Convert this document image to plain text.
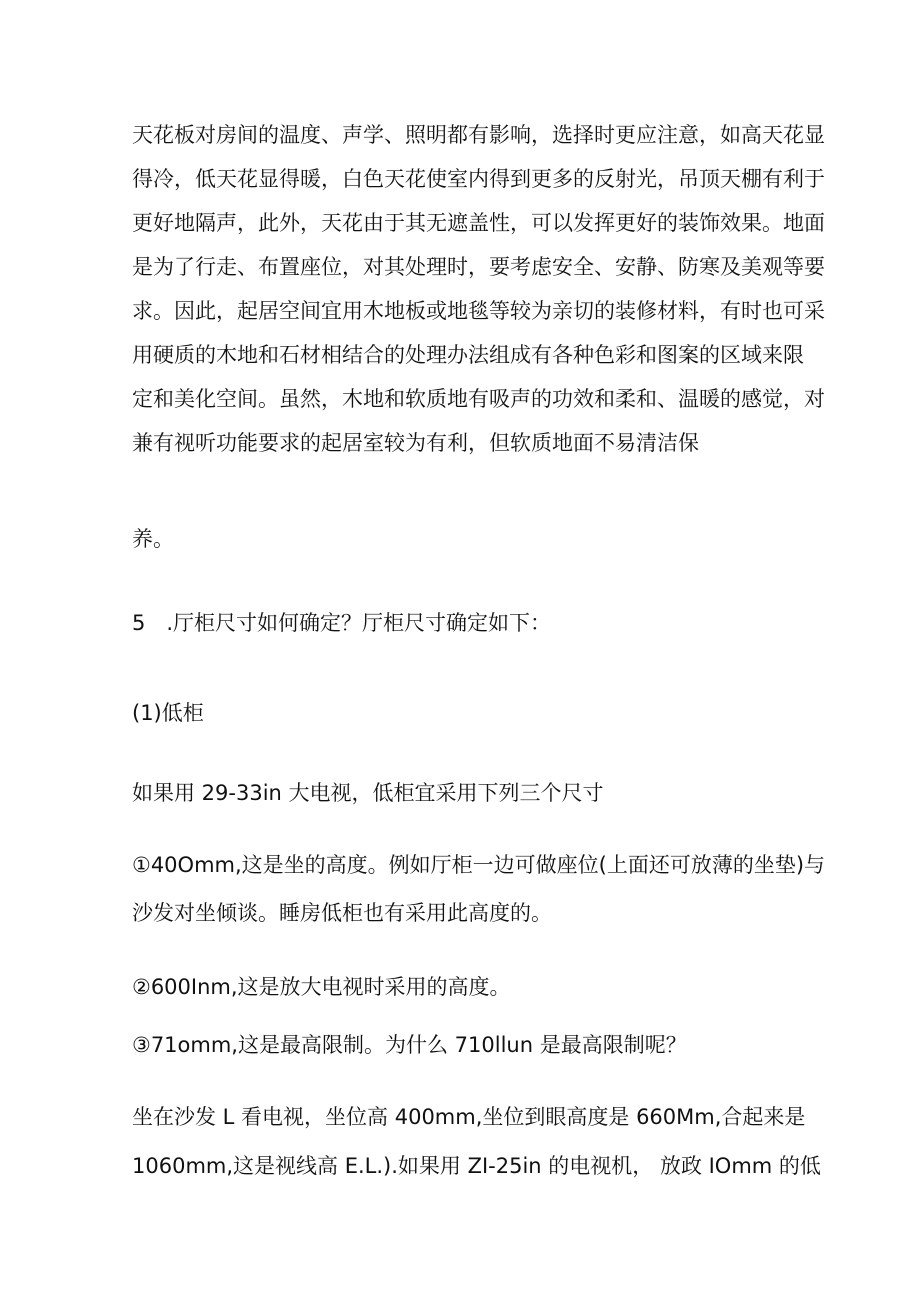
天花板对房间的温度、声学、照明都有影响，选择时更应注意，如高天花显
得冷，低天花显得暖，白色天花使室内得到更多的反射光，吊顶天棚有利于
更好地隔声，此外，天花由于其无遮盖性，可以发挥更好的装饰效果。地面
是为了行走、布置座位，对其处理时，要考虑安全、安静、防寒及美观等要
求。因此，起居空间宜用木地板或地毯等较为亲切的装修材料，有时也可采
用硬质的木地和石材相结合的处理办法组成有各种色彩和图案的区域来限
定和美化空间。虽然，木地和软质地有吸声的功效和柔和、温暖的感觉，对
兼有视听功能要求的起居室较为有利，但软质地面不易清洁保
养。
5　.厅柜尺寸如何确定？厅柜尺寸确定如下：
(1)低柜
如果用 29-33in 大电视，低柜宜采用下列三个尺寸
①40Omm,这是坐的高度。例如厅柜一边可做座位(上面还可放薄的坐垫)与
沙发对坐倾谈。睡房低柜也有采用此高度的。
②600Inm,这是放大电视时采用的高度。
③71omm,这是最高限制。为什么 710llun 是最高限制呢？
坐在沙发 L 看电视，坐位高 400mm,坐位到眼高度是 660Mm,合起来是
1060mm,这是视线高 E.L.).如果用 ZI-25in 的电视机， 放政 IOmm 的低
